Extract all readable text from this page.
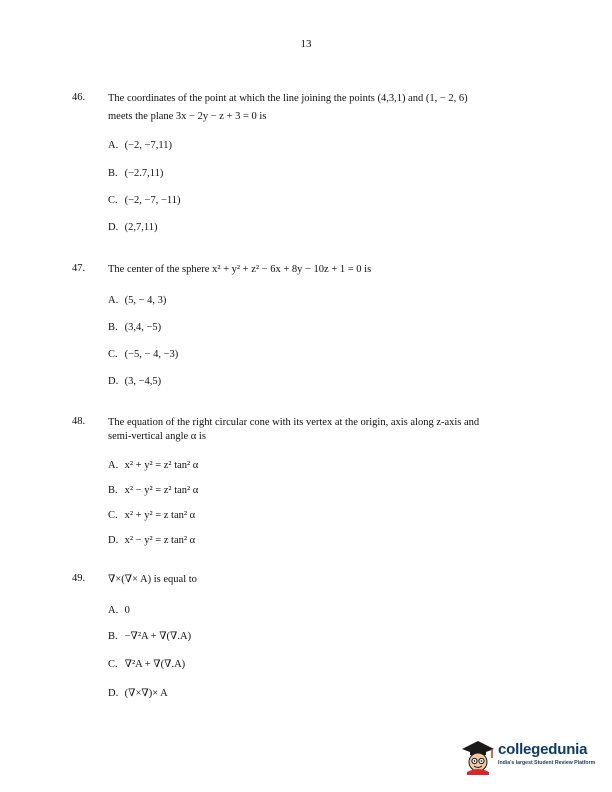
13
46. The coordinates of the point at which the line joining the points (4,3,1) and (1, − 2, 6)
meets the plane 3x − 2y − z + 3 = 0 is
A. (−2, −7,11)
B. (−2.7,11)
C. (−2, −7, −11)
D. (2,7,11)
47. The center of the sphere x² + y² + z² − 6x + 8y − 10z + 1 = 0 is
A. (5, − 4, 3)
B. (3,4, −5)
C. (−5, − 4, −3)
D. (3, −4,5)
48. The equation of the right circular cone with its vertex at the origin, axis along z-axis and
semi-vertical angle α is
A. x² + y² = z² tan² α
B. x² − y² = z² tan² α
C. x² + y² = z tan² α
D. x² − y² = z tan² α
49. ∇×(∇× A) is equal to
A. 0
B. −∇²A + ∇(∇.A)
C. ∇²A + ∇(∇.A)
D. (∇×∇)× A
collegedunia
India's largest Student Review Platform
